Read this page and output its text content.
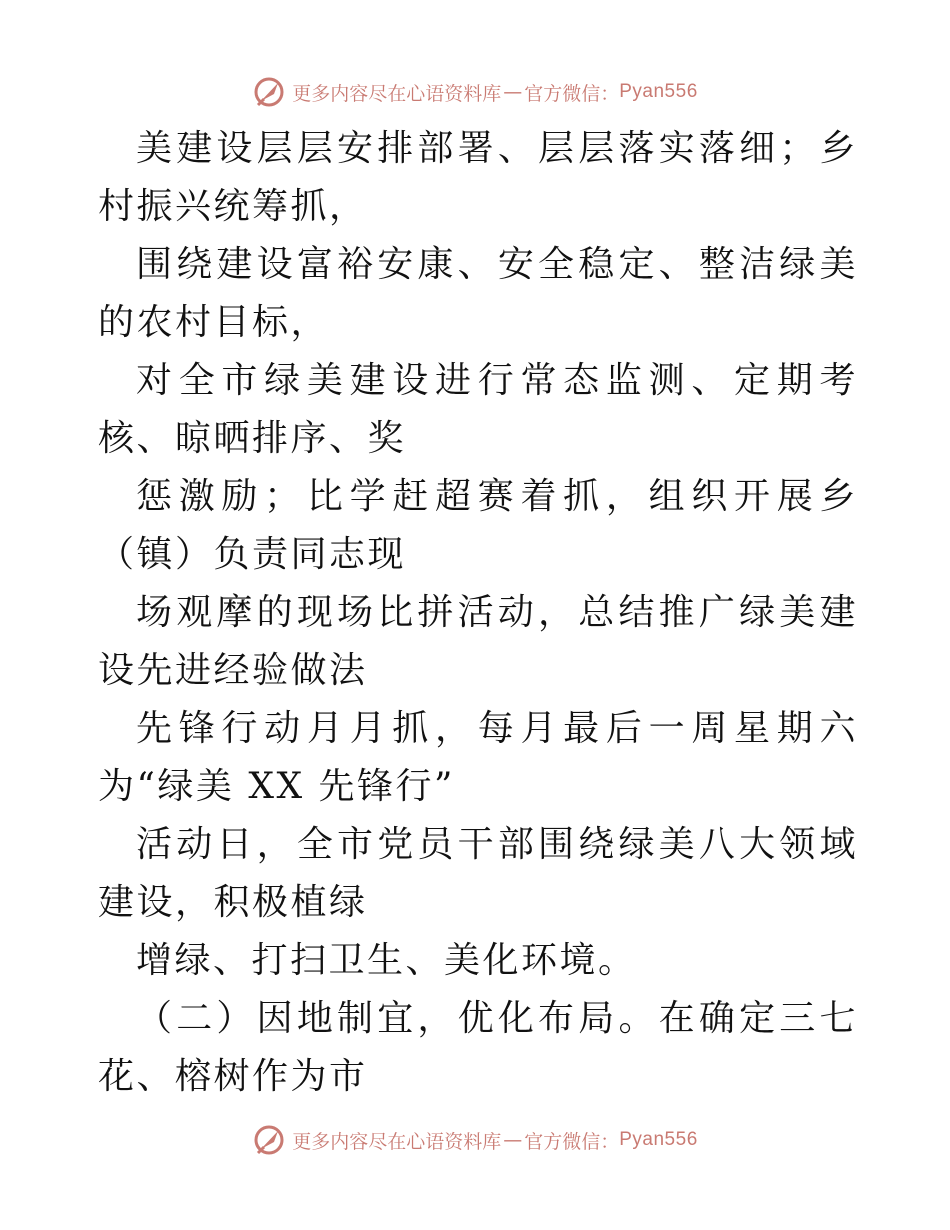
更多内容尽在心语资料库 — 官方微信： Pyan556

美建设层层安排部署、层层落实落细；乡村振兴统筹抓，

围绕建设富裕安康、安全稳定、整洁绿美的农村目标，

对全市绿美建设进行常态监测、定期考核、晾晒排序、奖

惩激励；比学赶超赛着抓，组织开展乡（镇）负责同志现

场观摩的现场比拼活动，总结推广绿美建设先进经验做法

先锋行动月月抓，每月最后一周星期六为“绿美 XX 先锋行”

活动日，全市党员干部围绕绿美八大领域建设，积极植绿

增绿、打扫卫生、美化环境。

（二）因地制宜，优化布局。在确定三七花、榕树作为市

更多内容尽在心语资料库 — 官方微信： Pyan556
